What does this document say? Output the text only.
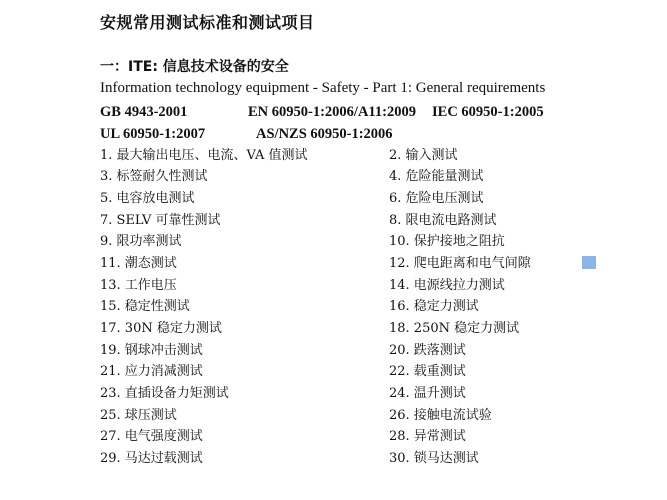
安规常用测试标准和测试项目
一：ITE: 信息技术设备的安全
Information technology equipment - Safety - Part 1: General requirements
GB 4943-2001	EN 60950-1:2006/A11:2009 IEC 60950-1:2005
UL 60950-1:2007	AS/NZS 60950-1:2006
1. 最大输出电压、电流、VA 值测试
3. 标签耐久性测试
5. 电容放电测试
7. SELV 可靠性测试
9. 限功率测试
11. 潮态测试
13. 工作电压
15. 稳定性测试
17. 30N 稳定力测试
19. 钢球冲击测试
21. 应力消减测试
23. 直插设备力矩测试
25. 球压测试
27. 电气强度测试
29. 马达过载测试
2. 输入测试
4. 危险能量测试
6. 危险电压测试
8. 限电流电路测试
10. 保护接地之阻抗
12. 爬电距离和电气间隙
14. 电源线拉力测试
16. 稳定力测试
18. 250N 稳定力测试
20. 跌落测试
22. 载重测试
24. 温升测试
26. 接触电流试验
28. 异常测试
30. 锁马达测试
